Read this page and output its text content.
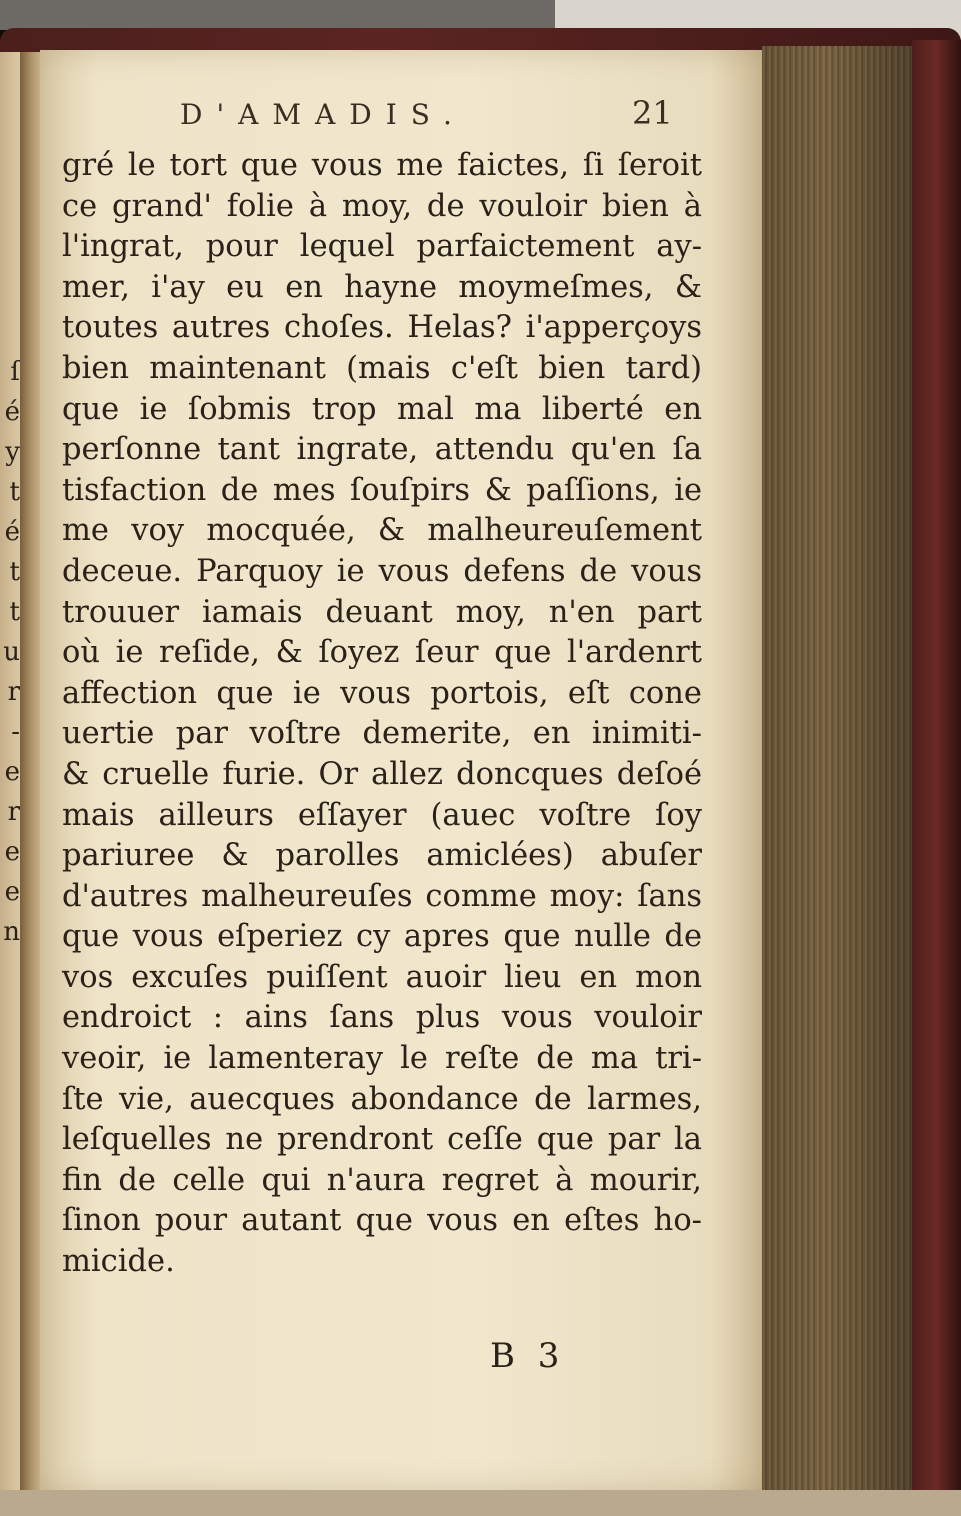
ſ
é
y
t
é
t
t
u
r
-
e
r
e
e
n
D'AMADIS.	21
gré le tort que vous me faictes, ſi ſeroit
ce grand' folie à moy, de vouloir bien à
l'ingrat, pour lequel parfaictement ay-
mer, i'ay eu en hayne moymeſmes, &
toutes autres choſes. Helas? i'apperçoys
bien maintenant (mais c'eſt bien tard)
que ie ſobmis trop mal ma liberté en
perſonne tant ingrate, attendu qu'en ſa
tisfaction de mes ſouſpirs & paſſions, ie
me voy mocquée, & malheureuſement
deceue. Parquoy ie vous defens de vous
trouuer iamais deuant moy, n'en part
où ie reſide, & ſoyez ſeur que l'ardenrt
affection que ie vous portois, eſt cone
uertie par voſtre demerite, en inimiti-
& cruelle furie. Or allez doncques deſoé
mais ailleurs eſſayer (auec voſtre ſoy
pariuree & parolles amiclées) abuſer
d'autres malheureuſes comme moy: ſans
que vous eſperiez cy apres que nulle de
vos excuſes puiſſent auoir lieu en mon
endroict : ains ſans plus vous vouloir
veoir, ie lamenteray le reſte de ma tri-
ſte vie, auecques abondance de larmes,
leſquelles ne prendront ceſſe que par la
fin de celle qui n'aura regret à mourir,
ſinon pour autant que vous en eſtes ho-
micide.
B 3
